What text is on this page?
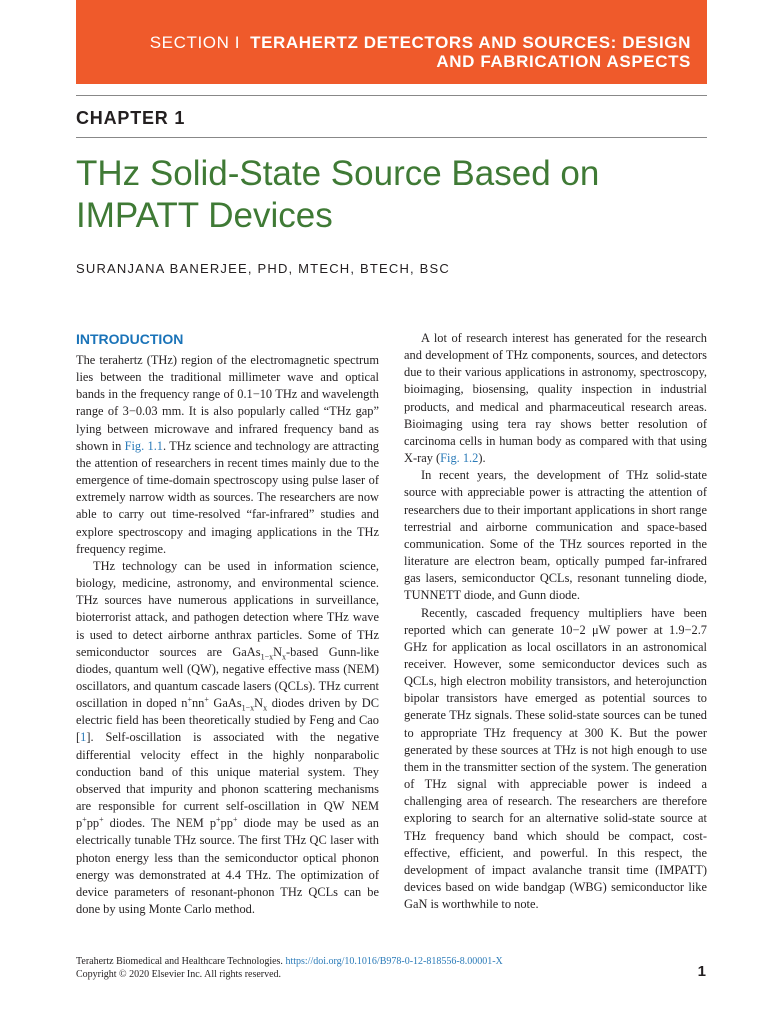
SECTION I TERAHERTZ DETECTORS AND SOURCES: DESIGN
AND FABRICATION ASPECTS
CHAPTER 1
THz Solid-State Source Based on
IMPATT Devices
SURANJANA BANERJEE, PHD, MTECH, BTECH, BSC
INTRODUCTION

The terahertz (THz) region of the electromagnetic spectrum lies between the traditional millimeter wave and optical bands in the frequency range of 0.1−10 THz and wavelength range of 3−0.03 mm. It is also popularly called “THz gap” lying between microwave and infrared frequency band as shown in Fig. 1.1. THz science and technology are attracting the attention of researchers in recent times mainly due to the emergence of time-domain spectroscopy using pulse laser of extremely narrow width as sources. The researchers are now able to carry out time-resolved “far-infrared” studies and explore spectroscopy and imaging applications in the THz frequency regime.

THz technology can be used in information science, biology, medicine, astronomy, and environmental science. THz sources have numerous applications in surveillance, bioterrorist attack, and pathogen detection where THz wave is used to detect airborne anthrax particles. Some of THz semiconductor sources are $GaAs_{1-x}N_x$-based Gunn-like diodes, quantum well (QW), negative effective mass (NEM) oscillators, and quantum cascade lasers (QCLs). THz current oscillation in doped n+nn+ $GaAs_{1-x}N_x$ diodes driven by DC electric field has been theoretically studied by Feng and Cao [1]. Self-oscillation is associated with the negative differential velocity effect in the highly nonparabolic conduction band of this unique material system. They observed that impurity and phonon scattering mechanisms are responsible for current self-oscillation in QW NEM p+pp+ diodes. The NEM p+pp+ diode may be used as an electrically tunable THz source. The first THz QC laser with photon energy less than the semiconductor optical phonon energy was demonstrated at 4.4 THz. The optimization of device parameters of resonant-phonon THz QCLs can be done by using Monte Carlo method.

A lot of research interest has generated for the research and development of THz components, sources, and detectors due to their various applications in astronomy, spectroscopy, bioimaging, biosensing, quality inspection in industrial products, and medical and pharmaceutical research areas. Bioimaging using tera ray shows better resolution of carcinoma cells in human body as compared with that using X-ray (Fig. 1.2).

In recent years, the development of THz solid-state source with appreciable power is attracting the attention of researchers due to their important applications in short range terrestrial and airborne communication and space-based communication. Some of the THz sources reported in the literature are electron beam, optically pumped far-infrared gas lasers, semiconductor QCLs, resonant tunneling diode, TUNNETT diode, and Gunn diode.

Recently, cascaded frequency multipliers have been reported which can generate 10−2 μW power at 1.9−2.7 GHz for application as local oscillators in an astronomical receiver. However, some semiconductor devices such as QCLs, high electron mobility transistors, and heterojunction bipolar transistors have emerged as potential sources to generate THz signals. These solid-state sources can be tuned to appropriate THz frequency at 300 K. But the power generated by these sources at THz is not high enough to use them in the transmitter section of the system. The generation of THz signal with appreciable power is indeed a challenging area of research. The researchers are therefore exploring to search for an alternative solid-state source at THz frequency band which should be compact, cost-effective, efficient, and powerful. In this respect, the development of impact avalanche transit time (IMPATT) devices based on wide bandgap (WBG) semiconductor like GaN is worthwhile to note.

Terahertz Biomedical and Healthcare Technologies. https://doi.org/10.1016/B978-0-12-818556-8.00001-X
Copyright © 2020 Elsevier Inc. All rights reserved.	1
